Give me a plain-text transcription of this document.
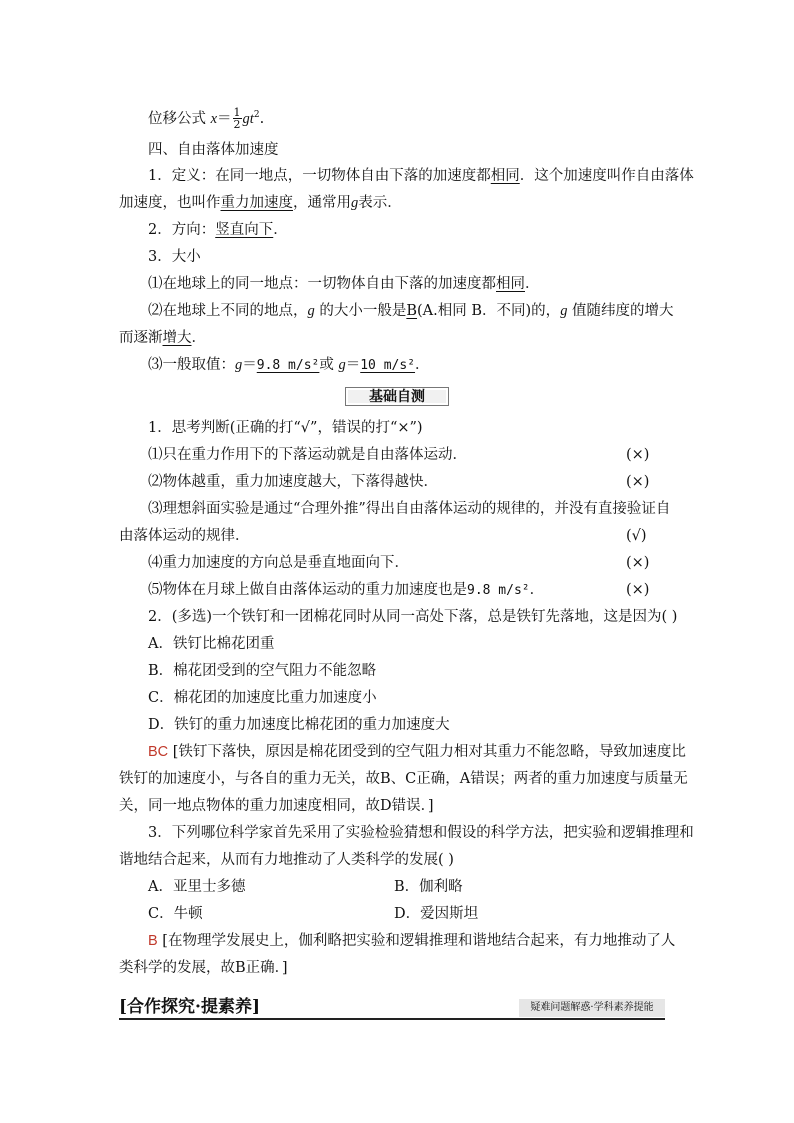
位移公式 $x= \frac{1}{2} gt^2$.
四、自由落体加速度
1．定义：在同一地点，一切物体自由下落的加速度都相同．这个加速度叫作自由落体
加速度，也叫作重力加速度，通常用g表示．
2．方向：竖直向下．
3．大小
⑴在地球上的同一地点：一切物体自由下落的加速度都相同．
⑵在地球上不同的地点，g 的大小一般是B(A.相同 B．不同)的，g 值随纬度的增大
而逐渐增大．
⑶一般取值：g＝9.8 m/s²或 g＝10 m/s²．
基础自测
1．思考判断(正确的打“√”，错误的打“×”)
⑴只在重力作用下的下落运动就是自由落体运动．	(×)
⑵物体越重，重力加速度越大，下落得越快．	(×)
⑶理想斜面实验是通过“合理外推”得出自由落体运动的规律的，并没有直接验证自
由落体运动的规律．	(√)
⑷重力加速度的方向总是垂直地面向下．	(×)
⑸物体在月球上做自由落体运动的重力加速度也是9.8 m/s²．	(×)
2．(多选)一个铁钉和一团棉花同时从同一高处下落，总是铁钉先落地，这是因为( )
A．铁钉比棉花团重
B．棉花团受到的空气阻力不能忽略
C．棉花团的加速度比重力加速度小
D．铁钉的重力加速度比棉花团的重力加速度大
BC [铁钉下落快，原因是棉花团受到的空气阻力相对其重力不能忽略，导致加速度比
铁钉的加速度小，与各自的重力无关，故B、C正确，A错误；两者的重力加速度与质量无
关，同一地点物体的重力加速度相同，故D错误．]
3．下列哪位科学家首先采用了实验检验猜想和假设的科学方法，把实验和逻辑推理和
谐地结合起来，从而有力地推动了人类科学的发展( )
A．亚里士多德	B．伽利略
C．牛顿	D．爱因斯坦
B [在物理学发展史上，伽利略把实验和逻辑推理和谐地结合起来，有力地推动了人
类科学的发展，故B正确．]
[合作探究·提素养]	疑难问题解惑·学科素养提能
